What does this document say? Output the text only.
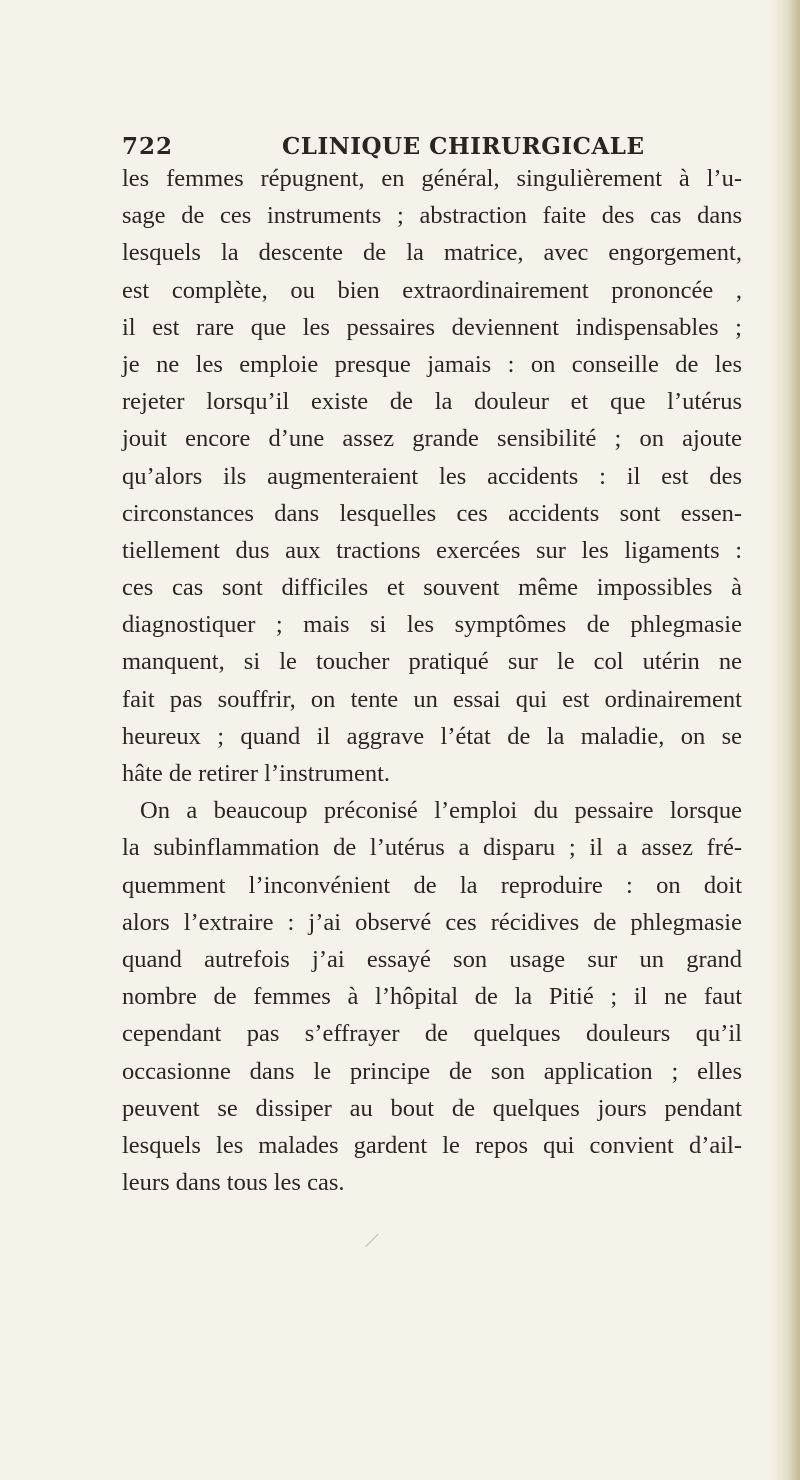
722	CLINIQUE CHIRURGICALE
les femmes répugnent, en général, singulièrement à l’u-
sage de ces instruments ; abstraction faite des cas dans
lesquels la descente de la matrice, avec engorgement,
est complète, ou bien extraordinairement prononcée ,
il est rare que les pessaires deviennent indispensables ;
je ne les emploie presque jamais : on conseille de les
rejeter lorsqu’il existe de la douleur et que l’utérus
jouit encore d’une assez grande sensibilité ; on ajoute
qu’alors ils augmenteraient les accidents : il est des
circonstances dans lesquelles ces accidents sont essen-
tiellement dus aux tractions exercées sur les ligaments :
ces cas sont difficiles et souvent même impossibles à
diagnostiquer ; mais si les symptômes de phlegmasie
manquent, si le toucher pratiqué sur le col utérin ne
fait pas souffrir, on tente un essai qui est ordinairement
heureux ; quand il aggrave l’état de la maladie, on se
hâte de retirer l’instrument.
On a beaucoup préconisé l’emploi du pessaire lorsque
la subinflammation de l’utérus a disparu ; il a assez fré-
quemment l’inconvénient de la reproduire : on doit
alors l’extraire : j’ai observé ces récidives de phlegmasie
quand autrefois j’ai essayé son usage sur un grand
nombre de femmes à l’hôpital de la Pitié ; il ne faut
cependant pas s’effrayer de quelques douleurs qu’il
occasionne dans le principe de son application ; elles
peuvent se dissiper au bout de quelques jours pendant
lesquels les malades gardent le repos qui convient d’ail-
leurs dans tous les cas.
